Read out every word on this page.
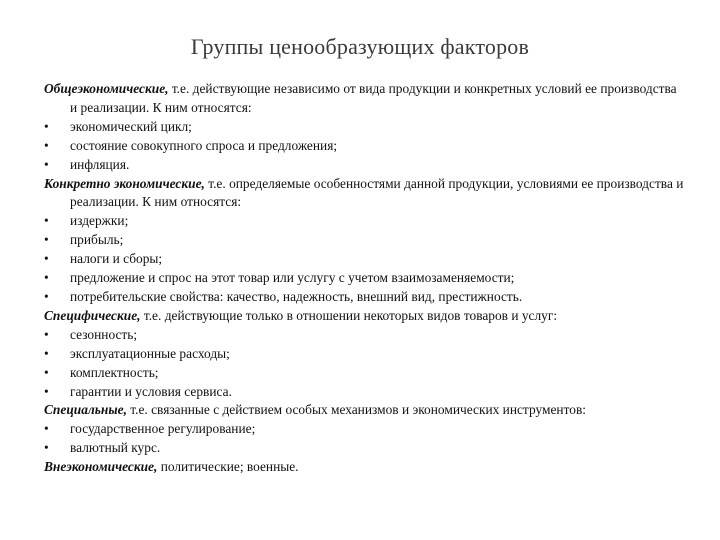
Группы ценообразующих факторов

Общеэкономические, т.е. действующие независимо от вида продукции и конкретных условий ее производства и реализации. К ним относятся:

• экономический цикл;

• состояние совокупного спроса и предложения;

• инфляция.

Конкретно экономические, т.е. определяемые особенностями данной продукции, условиями ее производства и реализации. К ним относятся:

• издержки;

• прибыль;

• налоги и сборы;

• предложение и спрос на этот товар или услугу с учетом взаимозаменяемости;

• потребительские свойства: качество, надежность, внешний вид, престижность.

Специфические, т.е. действующие только в отношении некоторых видов товаров и услуг:

• сезонность;

• эксплуатационные расходы;

• комплектность;

• гарантии и условия сервиса.

Специальные, т.е. связанные с действием особых механизмов и экономических инструментов:

• государственное регулирование;

• валютный курс.

Внеэкономические, политические; военные.
